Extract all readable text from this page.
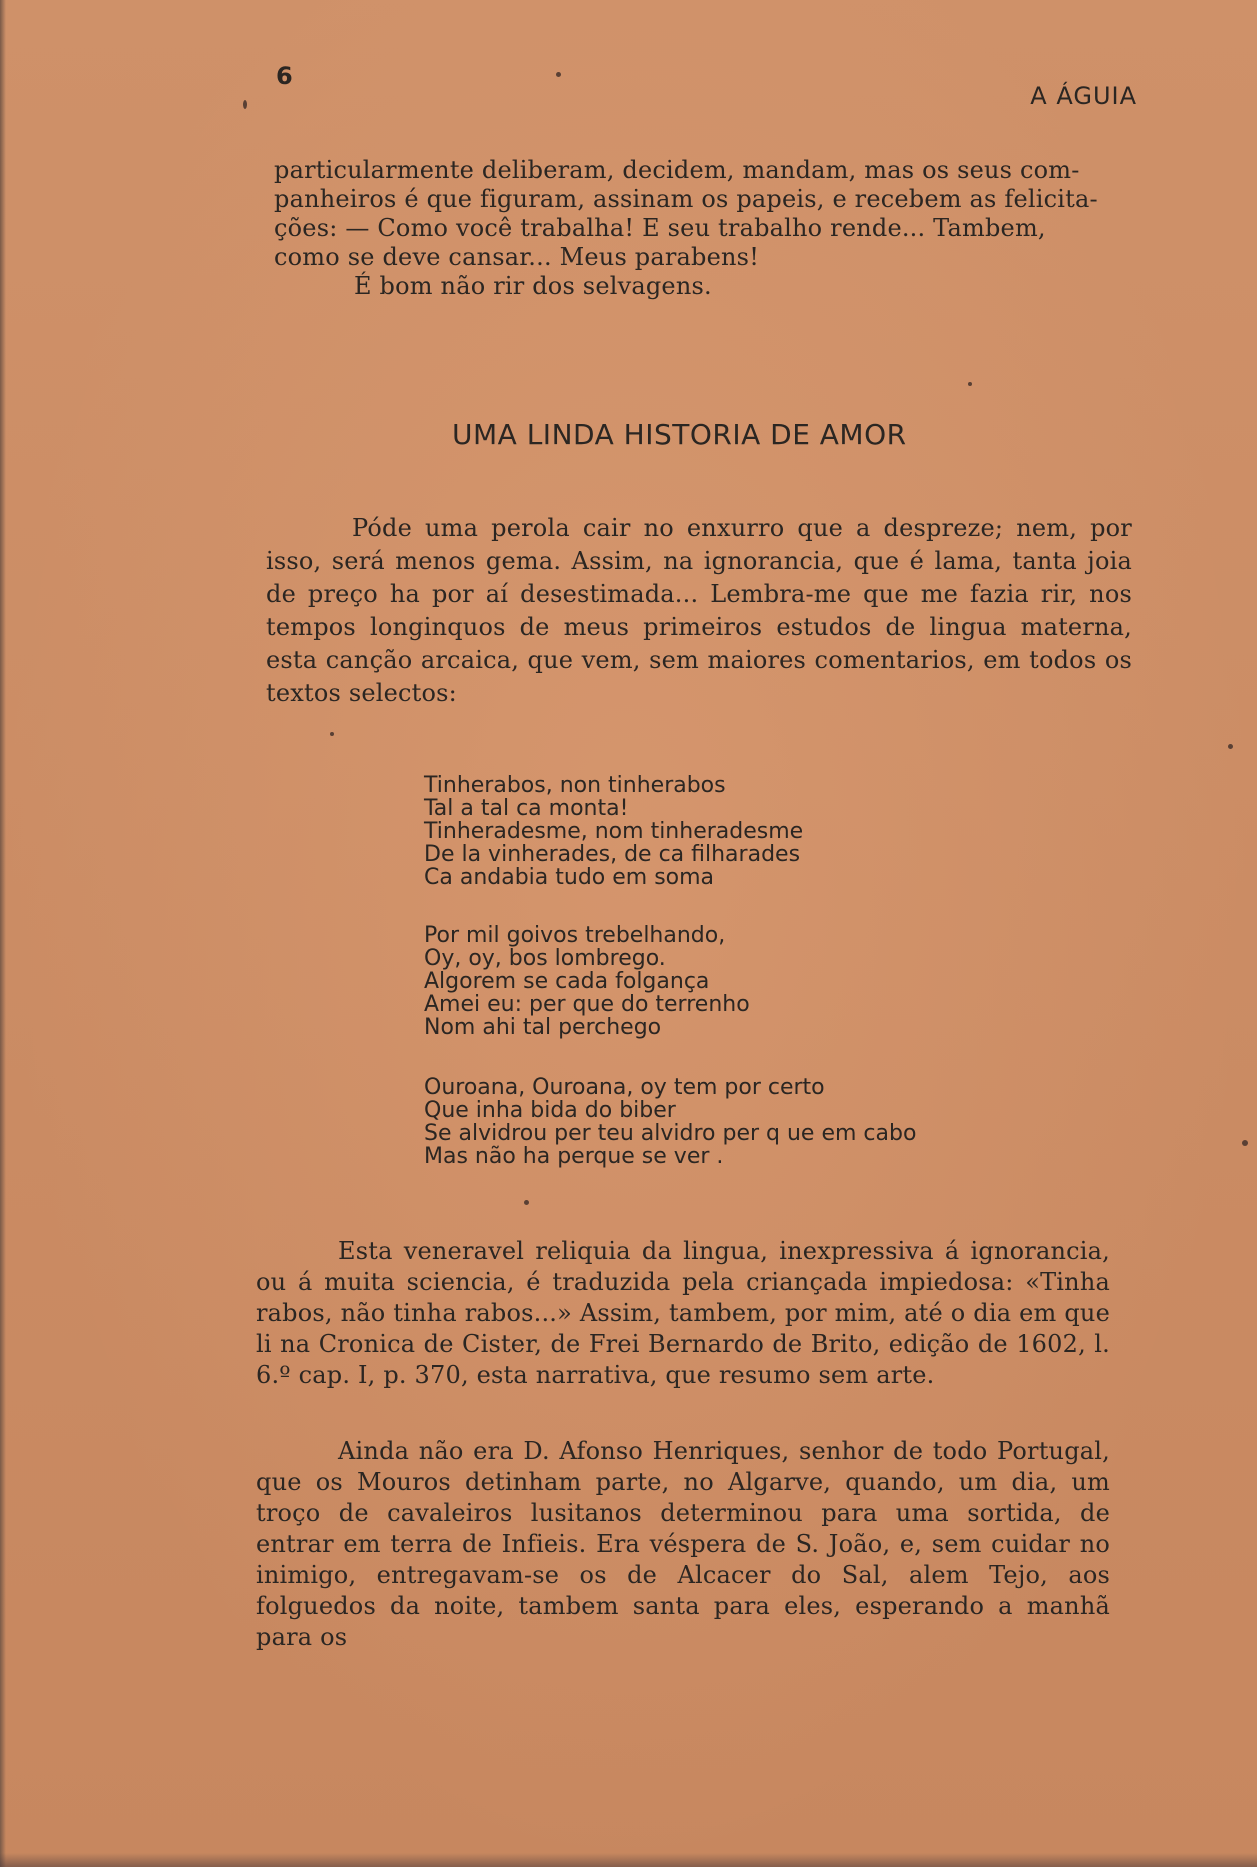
6
A ÁGUIA
particularmente deliberam, decidem, mandam, mas os seus com-
panheiros é que figuram, assinam os papeis, e recebem as felicita-
ções: — Como você trabalha! E seu trabalho rende... Tambem,
como se deve cansar... Meus parabens!
É bom não rir dos selvagens.
UMA LINDA HISTORIA DE AMOR

Póde uma perola cair no enxurro que a despreze; nem, por isso, será menos gema. Assim, na ignorancia, que é lama, tanta joia de preço ha por aí desestimada... Lembra-me que me fazia rir, nos tempos longinquos de meus primeiros estudos de lingua materna, esta canção arcaica, que vem, sem maiores comentarios, em todos os textos selectos:

Tinherabos, non tinherabos
Tal a tal ca monta!
Tinheradesme, nom tinheradesme
De la vinherades, de ca filharades
Ca andabia tudo em soma
Por mil goivos trebelhando,
Oy, oy, bos lombrego.
Algorem se cada folgança
Amei eu: per que do terrenho
Nom ahi tal perchego
Ouroana, Ouroana, oy tem por certo
Que inha bida do biber
Se alvidrou per teu alvidro per q ue em cabo
Mas não ha perque se ver .

Esta veneravel reliquia da lingua, inexpressiva á ignorancia, ou á muita sciencia, é traduzida pela criançada impiedosa: «Tinha rabos, não tinha rabos...» Assim, tambem, por mim, até o dia em que li na Cronica de Cister, de Frei Bernardo de Brito, edição de 1602, l. 6.º cap. I, p. 370, esta narrativa, que resumo sem arte.

Ainda não era D. Afonso Henriques, senhor de todo Portugal, que os Mouros detinham parte, no Algarve, quando, um dia, um troço de cavaleiros lusitanos determinou para uma sortida, de entrar em terra de Infieis. Era véspera de S. João, e, sem cuidar no inimigo, entregavam-se os de Alcacer do Sal, alem Tejo, aos folguedos da noite, tambem santa para eles, esperando a manhã para os
